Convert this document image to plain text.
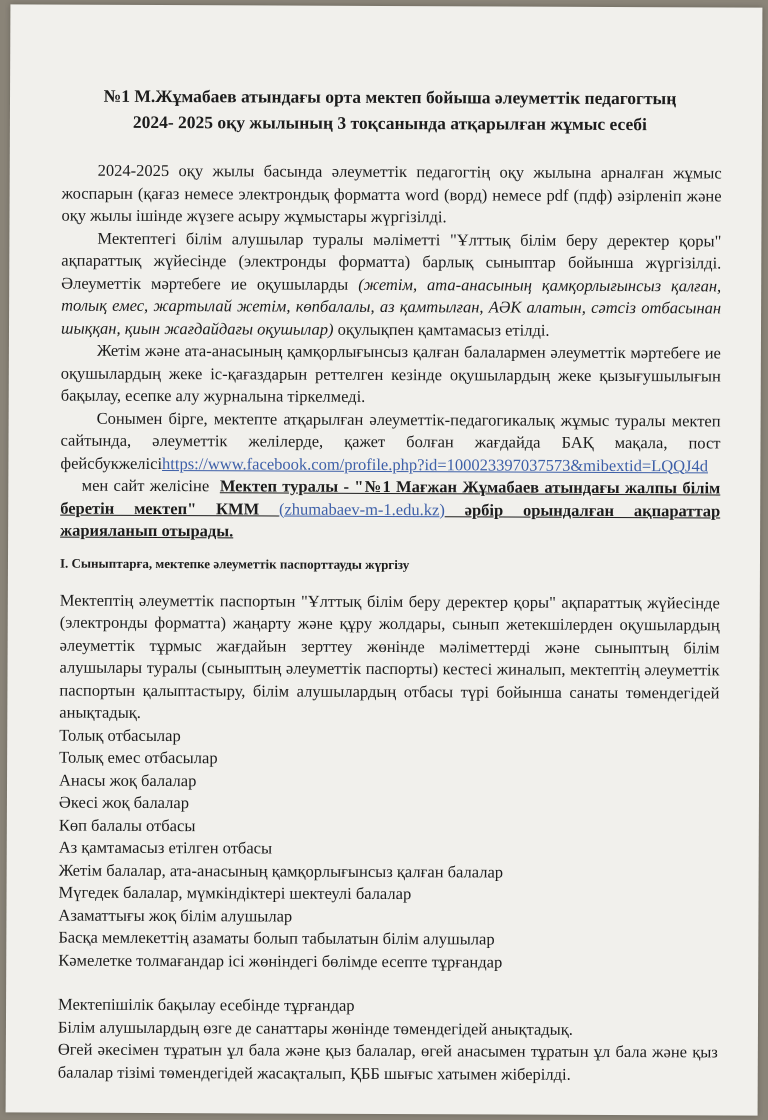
№1 М.Жұмабаев атындағы орта мектеп бойыша әлеуметтік педагогтың
2024- 2025 оқу жылының 3 тоқсанында атқарылған жұмыс есебі

2024-2025 оқу жылы басында әлеуметтік педагогтің оқу жылына арналған жұмыс жоспарын (қағаз немесе электрондық форматта word (ворд) немесе pdf (пдф) әзірленіп және оқу жылы ішінде жүзеге асыру жұмыстары жүргізілді.

Мектептегі білім алушылар туралы мәліметті "Ұлттық білім беру деректер қоры" ақпараттық жүйесінде (электронды форматта) барлық сыныптар бойынша жүргізілді. Әлеуметтік мәртебеге ие оқушыларды (жетім, ата-анасының қамқорлығынсыз қалған, толық емес, жартылай жетім, көпбалалы, аз қамтылған, АӘК алатын, сәтсіз отбасынан шыққан, қиын жағдайдағы оқушылар) оқулықпен қамтамасыз етілді.

Жетім және ата-анасының қамқорлығынсыз қалған балалармен әлеуметтік мәртебеге ие оқушылардың жеке іс-қағаздарын реттелген кезінде оқушылардың жеке қызығушылығын бақылау, есепке алу журналына тіркелмеді.

Сонымен бірге, мектепте атқарылған әлеуметтік-педагогикалық жұмыс туралы мектеп сайтында, әлеуметтік желілерде, қажет болған жағдайда БАҚ мақала, пост фейсбукжелісіhttps://www.facebook.com/profile.php?id=100023397037573&mibextid=LQQJ4d    мен сайт желісіне  Мектеп туралы - "№1 Мағжан Жұмабаев атындағы жалпы білім беретін мектеп" КММ (zhumabaev-m-1.edu.kz) әрбір орындалған ақпараттар жарияланып отырады.

I. Сыныптарға, мектепке әлеуметтік паспорттауды жүргізу

Мектептің әлеуметтік паспортын "Ұлттық білім беру деректер қоры" ақпараттық жүйесінде (электронды форматта) жаңарту және құру жолдары, сынып жетекшілерден оқушылардың әлеуметтік тұрмыс жағдайын зерттеу жөнінде мәліметтерді және сыныптың білім алушылары туралы (сыныптың әлеуметтік паспорты) кестесі жиналып, мектептің әлеуметтік паспортын қалыптастыру, білім алушылардың отбасы түрі бойынша санаты төмендегідей анықтадық.

Толық отбасылар

Толық емес отбасылар

Анасы жоқ балалар

Әкесі жоқ балалар

Көп балалы отбасы

Аз қамтамасыз етілген отбасы

Жетім балалар, ата-анасының қамқорлығынсыз қалған балалар

Мүгедек балалар, мүмкіндіктері шектеулі балалар

Азаматтығы жоқ білім алушылар

Басқа мемлекеттің азаматы болып табылатын білім алушылар

Кәмелетке толмағандар ісі жөніндегі бөлімде есепте тұрғандар

Мектепішілік бақылау есебінде тұрғандар

Білім алушылардың өзге де санаттары жөнінде төмендегідей анықтадық.

Өгей әкесімен тұратын ұл бала және қыз балалар, өгей анасымен тұратын ұл бала және қыз балалар тізімі төмендегідей жасақталып, ҚББ шығыс хатымен жіберілді.
